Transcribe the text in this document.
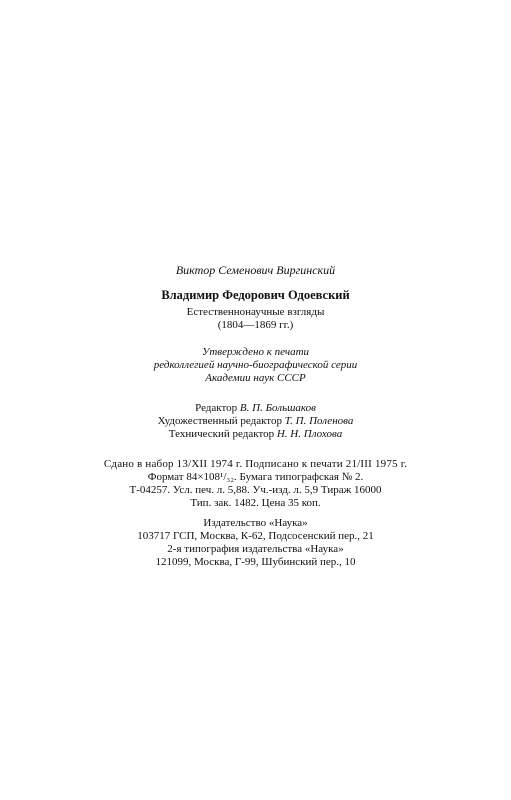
Виктор Семенович Виргинский
Владимир Федорович Одоевский
Естественнонаучные взгляды
(1804—1869 гг.)
Утверждено к печати
редколлегией научно-биографической серии
Академии наук СССР
Редактор В. П. Большаков
Художественный редактор Т. П. Поленова
Технический редактор Н. Н. Плохова
Сдано в набор 13/XII 1974 г. Подписано к печати 21/III 1975 г.
Формат 84×108¹/₃₂. Бумага типографская № 2.
Т-04257. Усл. печ. л. 5,88. Уч.-изд. л. 5,9 Тираж 16000
Тип. зак. 1482. Цена 35 коп.
Издательство «Наука»
103717 ГСП, Москва, К-62, Подсосенский пер., 21
2-я типография издательства «Наука»
121099, Москва, Г-99, Шубинский пер., 10
